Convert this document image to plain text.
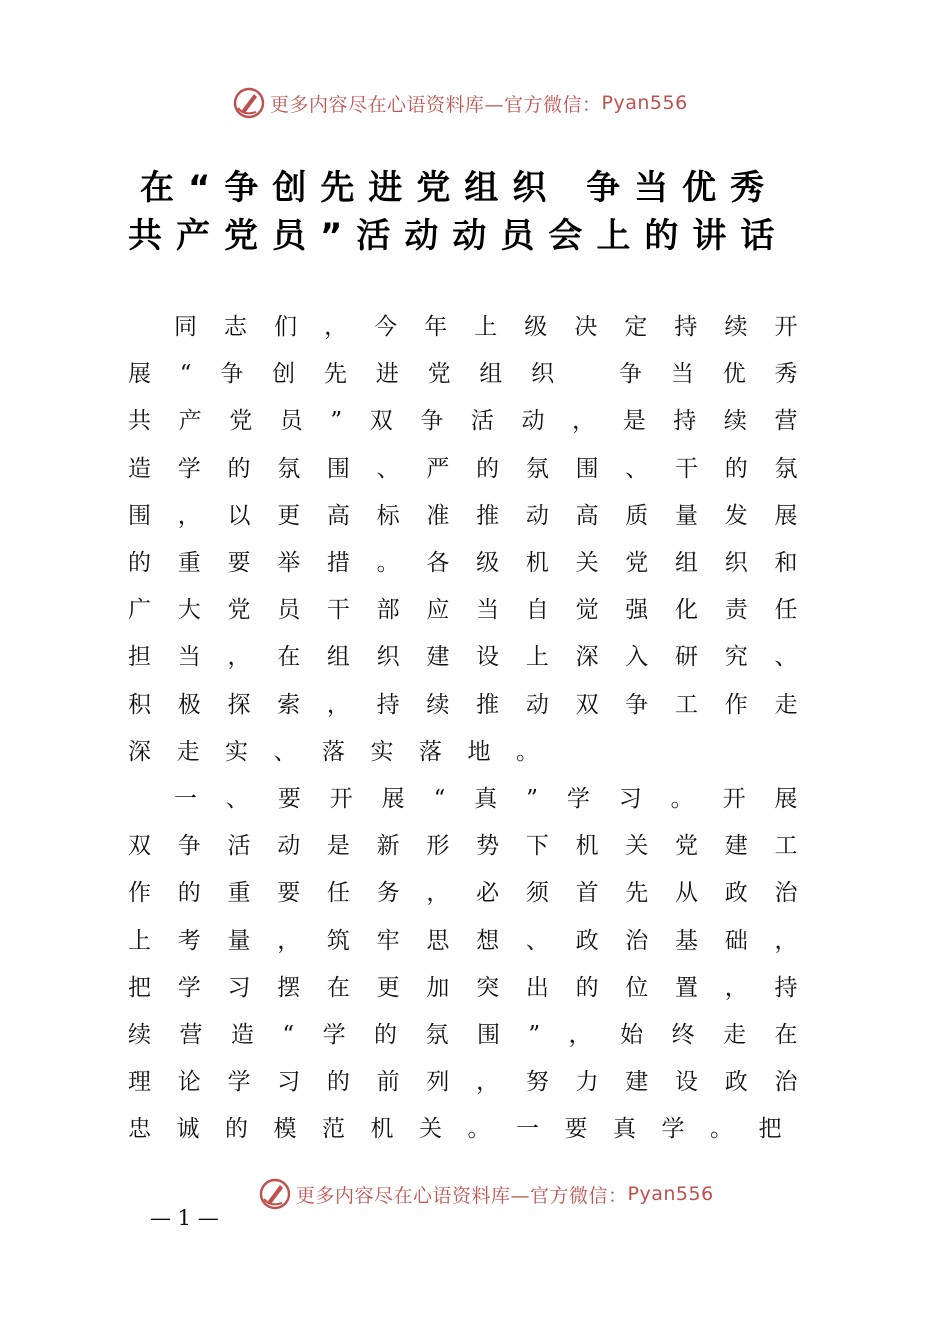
更多内容尽在心语资料库—官方微信： Pyan556
在“争创先进党组织 争当优秀
共产党员”活动动员会上的讲话

同志们，今年上级决定持续开展“争创先进党组织 争当优秀共产党员”双争活动，是持续营造学的氛围、严的氛围、干的氛围，以更高标准推动高质量发展的重要举措。各级机关党组织和广大党员干部应当自觉强化责任担当，在组织建设上深入研究、积极探索，持续推动双争工作走深走实、落实落地。

一、要开展“真”学习。开展双争活动是新形势下机关党建工作的重要任务，必须首先从政治上考量，筑牢思想、政治基础，把学习摆在更加突出的位置，持续营造“学的氛围”，始终走在理论学习的前列，努力建设政治忠诚的模范机关。一要真学。把

更多内容尽在心语资料库—官方微信： Pyan556
— 1 —
